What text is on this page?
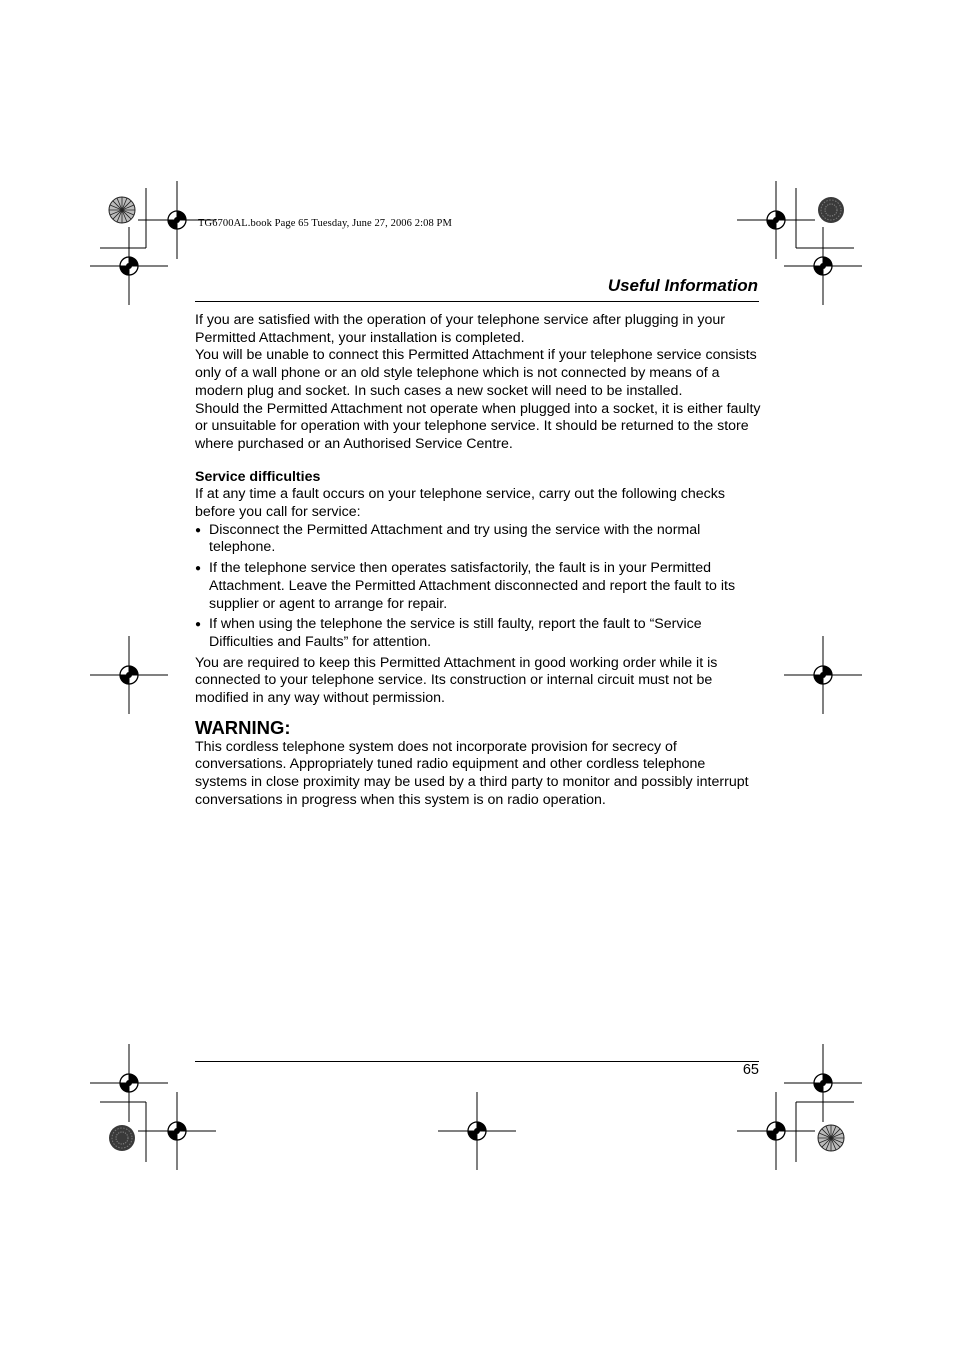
TG6700AL.book Page 65 Tuesday, June 27, 2006 2:08 PM
Useful Information

If you are satisfied with the operation of your telephone service after plugging in your Permitted Attachment, your installation is completed.

You will be unable to connect this Permitted Attachment if your telephone service consists only of a wall phone or an old style telephone which is not connected by means of a modern plug and socket. In such cases a new socket will need to be installed.

Should the Permitted Attachment not operate when plugged into a socket, it is either faulty or unsuitable for operation with your telephone service. It should be returned to the store where purchased or an Authorised Service Centre.

Service difficulties

If at any time a fault occurs on your telephone service, carry out the following checks before you call for service:

● Disconnect the Permitted Attachment and try using the service with the normal telephone.
● If the telephone service then operates satisfactorily, the fault is in your Permitted Attachment. Leave the Permitted Attachment disconnected and report the fault to its supplier or agent to arrange for repair.
● If when using the telephone the service is still faulty, report the fault to “Service Difficulties and Faults” for attention.

You are required to keep this Permitted Attachment in good working order while it is connected to your telephone service. Its construction or internal circuit must not be modified in any way without permission.

WARNING:

This cordless telephone system does not incorporate provision for secrecy of conversations. Appropriately tuned radio equipment and other cordless telephone systems in close proximity may be used by a third party to monitor and possibly interrupt conversations in progress when this system is on radio operation.

65
